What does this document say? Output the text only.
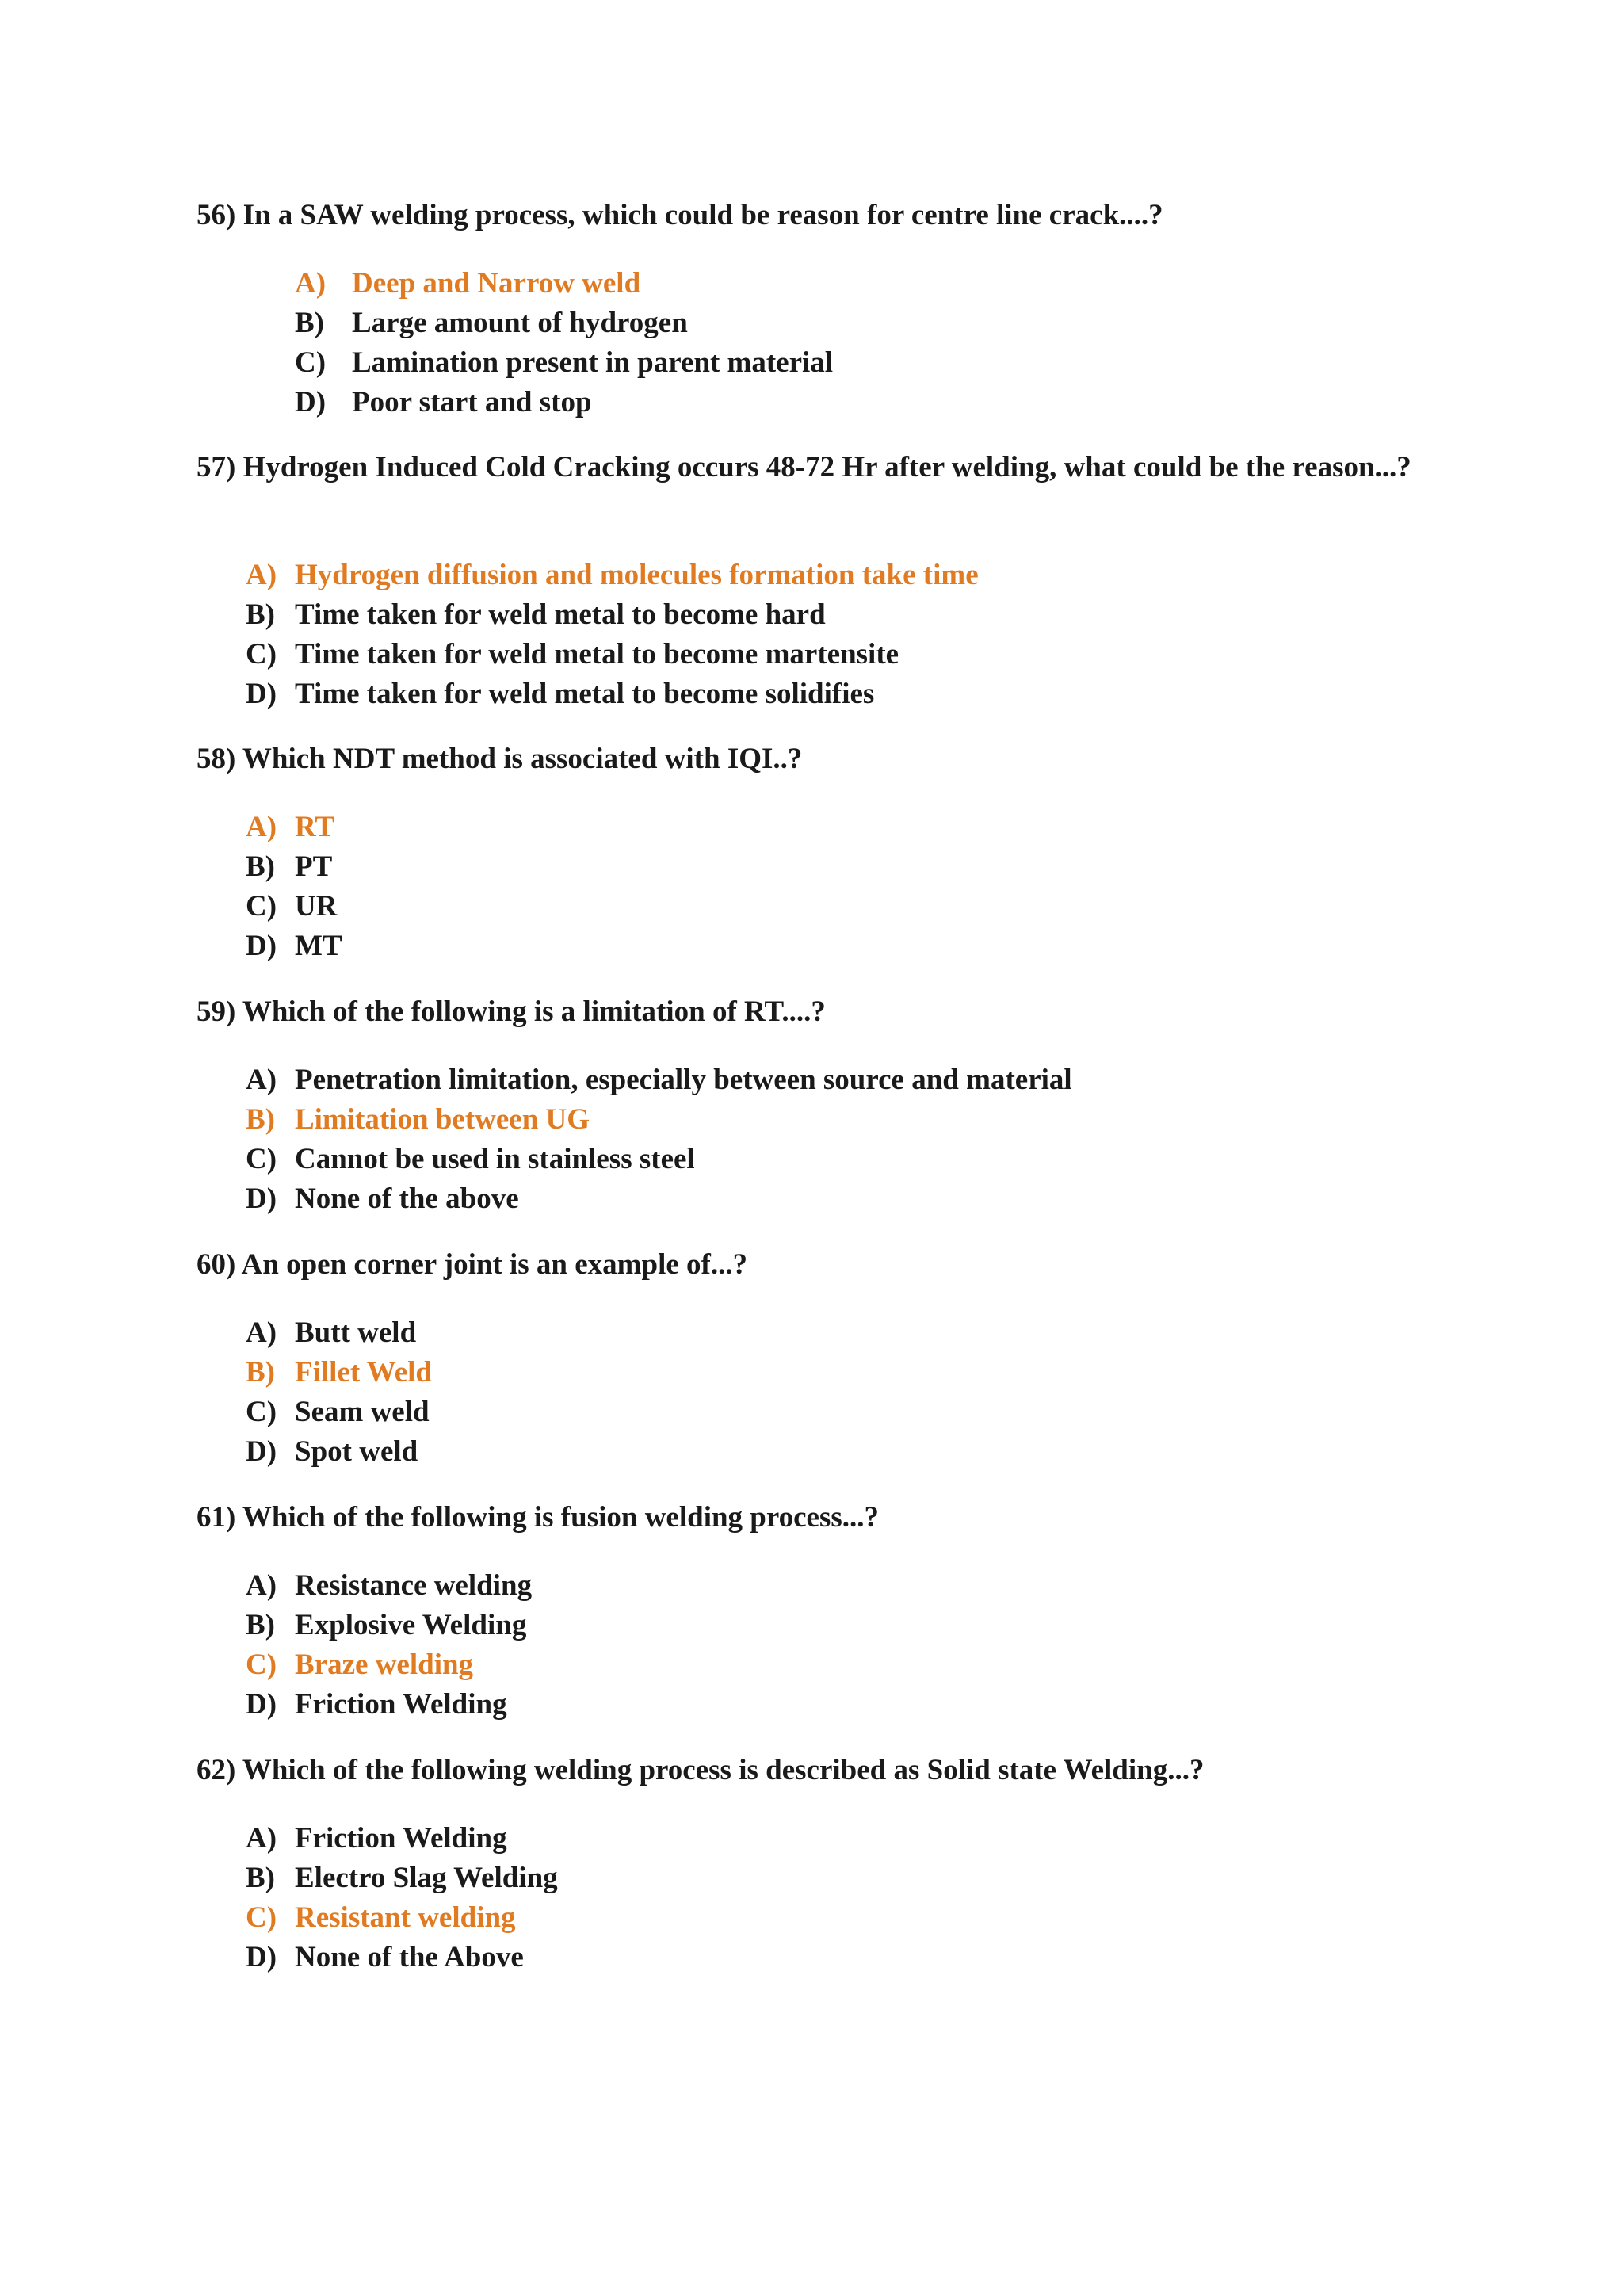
56) In a SAW welding process, which could be reason for centre line crack....?

A) Deep and Narrow weld
B) Large amount of hydrogen
C) Lamination present in parent material
D) Poor start and stop

57) Hydrogen Induced Cold Cracking occurs 48-72 Hr after welding, what could be the reason...?

A) Hydrogen diffusion and molecules formation take time
B) Time taken for weld metal to become hard
C) Time taken for weld metal to become martensite
D) Time taken for weld metal to become solidifies

58) Which NDT method is associated with IQI..?

A) RT
B) PT
C) UR
D) MT

59) Which of the following is a limitation of RT....?

A) Penetration limitation, especially between source and material
B) Limitation between UG
C) Cannot be used in stainless steel
D) None of the above

60) An open corner joint is an example of...?

A) Butt weld
B) Fillet Weld
C) Seam weld
D) Spot weld

61) Which of the following is fusion welding process...?

A) Resistance welding
B) Explosive Welding
C) Braze welding
D) Friction Welding

62) Which of the following welding process is described as Solid state Welding...?

A) Friction Welding
B) Electro Slag Welding
C) Resistant welding
D) None of the Above
